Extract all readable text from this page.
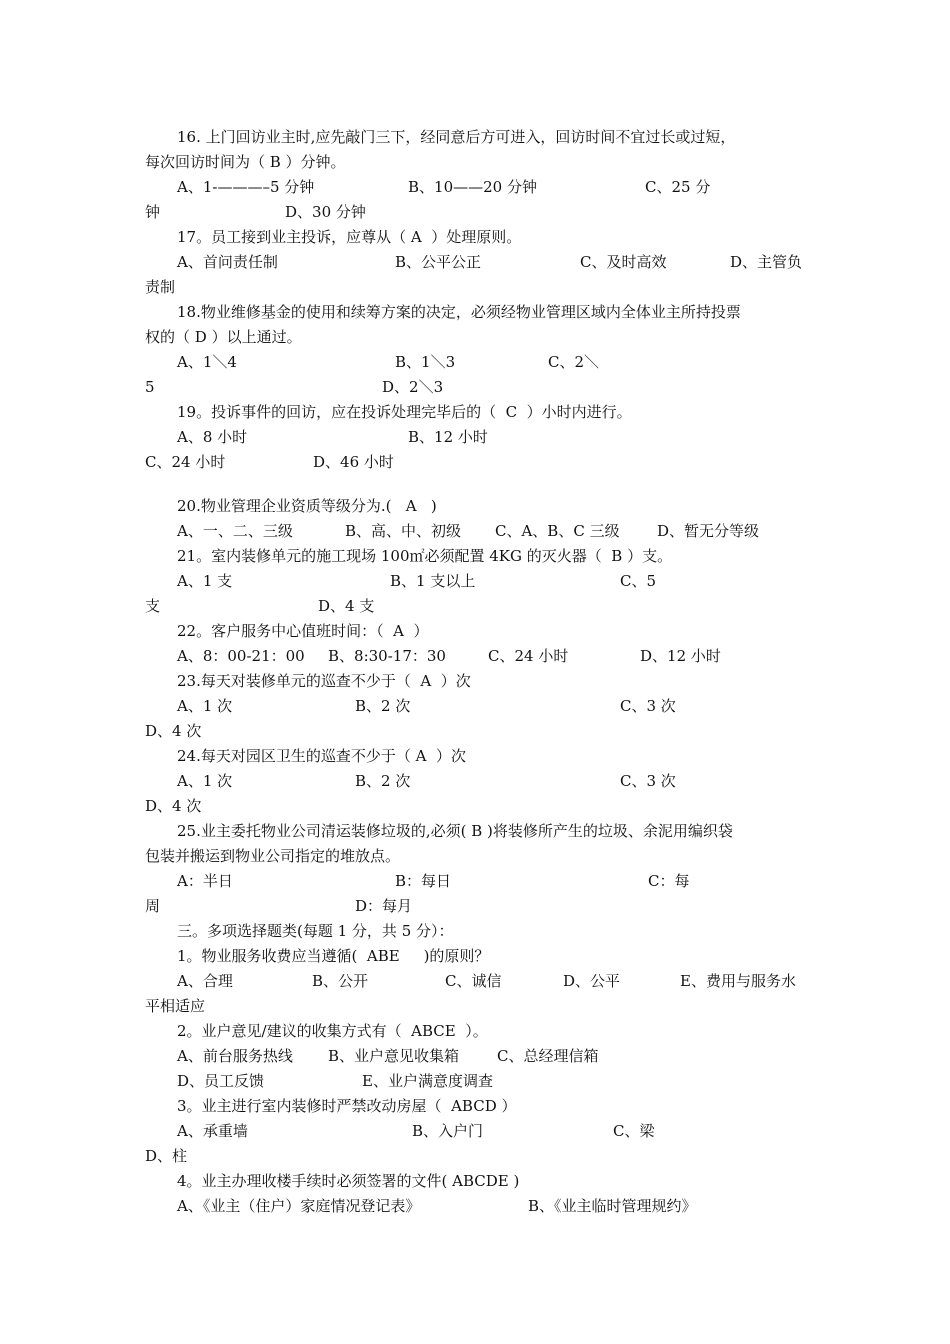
16. 上门回访业主时,应先敲门三下，经同意后方可进入，回访时间不宜过长或过短，
每次回访时间为（ B ）分钟。
A、1-———–5 分钟	B、10——20 分钟	C、25 分
钟	D、30 分钟
17。员工接到业主投诉，应尊从（ A  ）处理原则。
A、首问责任制	B、公平公正	C、及时高效	D、主管负
责制
18.物业维修基金的使用和续筹方案的决定，必须经物业管理区域内全体业主所持投票
权的（ D ）以上通过。
A、1＼4	B、1＼3	C、2＼
5	D、2＼3
19。投诉事件的回访，应在投诉处理完毕后的（  C  ）小时内进行。
A、8 小时	B、12 小时
C、24 小时	D、46 小时
20.物业管理企业资质等级分为.(   A   )
A、一、二、三级	B、高、中、初级 C、A、B、C 三级 D、暂无分等级
21。室内装修单元的施工现场 100㎡必须配置 4KG 的灭火器（  B ）支。
A、1 支	B、1 支以上	C、5
支	D、4 支
22。客户服务中心值班时间：（  A  ）
A、8：00-21：00 B、8:30-17：30	C、24 小时	D、12 小时
23.每天对装修单元的巡查不少于（  A  ）次
A、1 次	B、2 次	C、3 次
D、4 次
24.每天对园区卫生的巡查不少于（ A  ）次
A、1 次	B、2 次	C、3 次
D、4 次
25.业主委托物业公司清运装修垃圾的,必须( B )将装修所产生的垃圾、余泥用编织袋
包装并搬运到物业公司指定的堆放点。
A：半日	B：每日	C：每
周	D：每月
三。多项选择题类(每题 1 分，共 5 分）：
1。物业服务收费应当遵循(  ABE     )的原则？
A、合理	B、公开	C、诚信	D、公平	E、费用与服务水
平相适应
2。业户意见/建议的收集方式有（  ABCE  ）。
A、前台服务热线 B、业户意见收集箱	C、总经理信箱
D、员工反馈	E、业户满意度调查
3。业主进行室内装修时严禁改动房屋（  ABCD ）
A、承重墙	B、入户门	C、梁
D、柱
4。业主办理收楼手续时必须签署的文件( ABCDE )
A、《业主（住户）家庭情况登记表》	B、《业主临时管理规约》
